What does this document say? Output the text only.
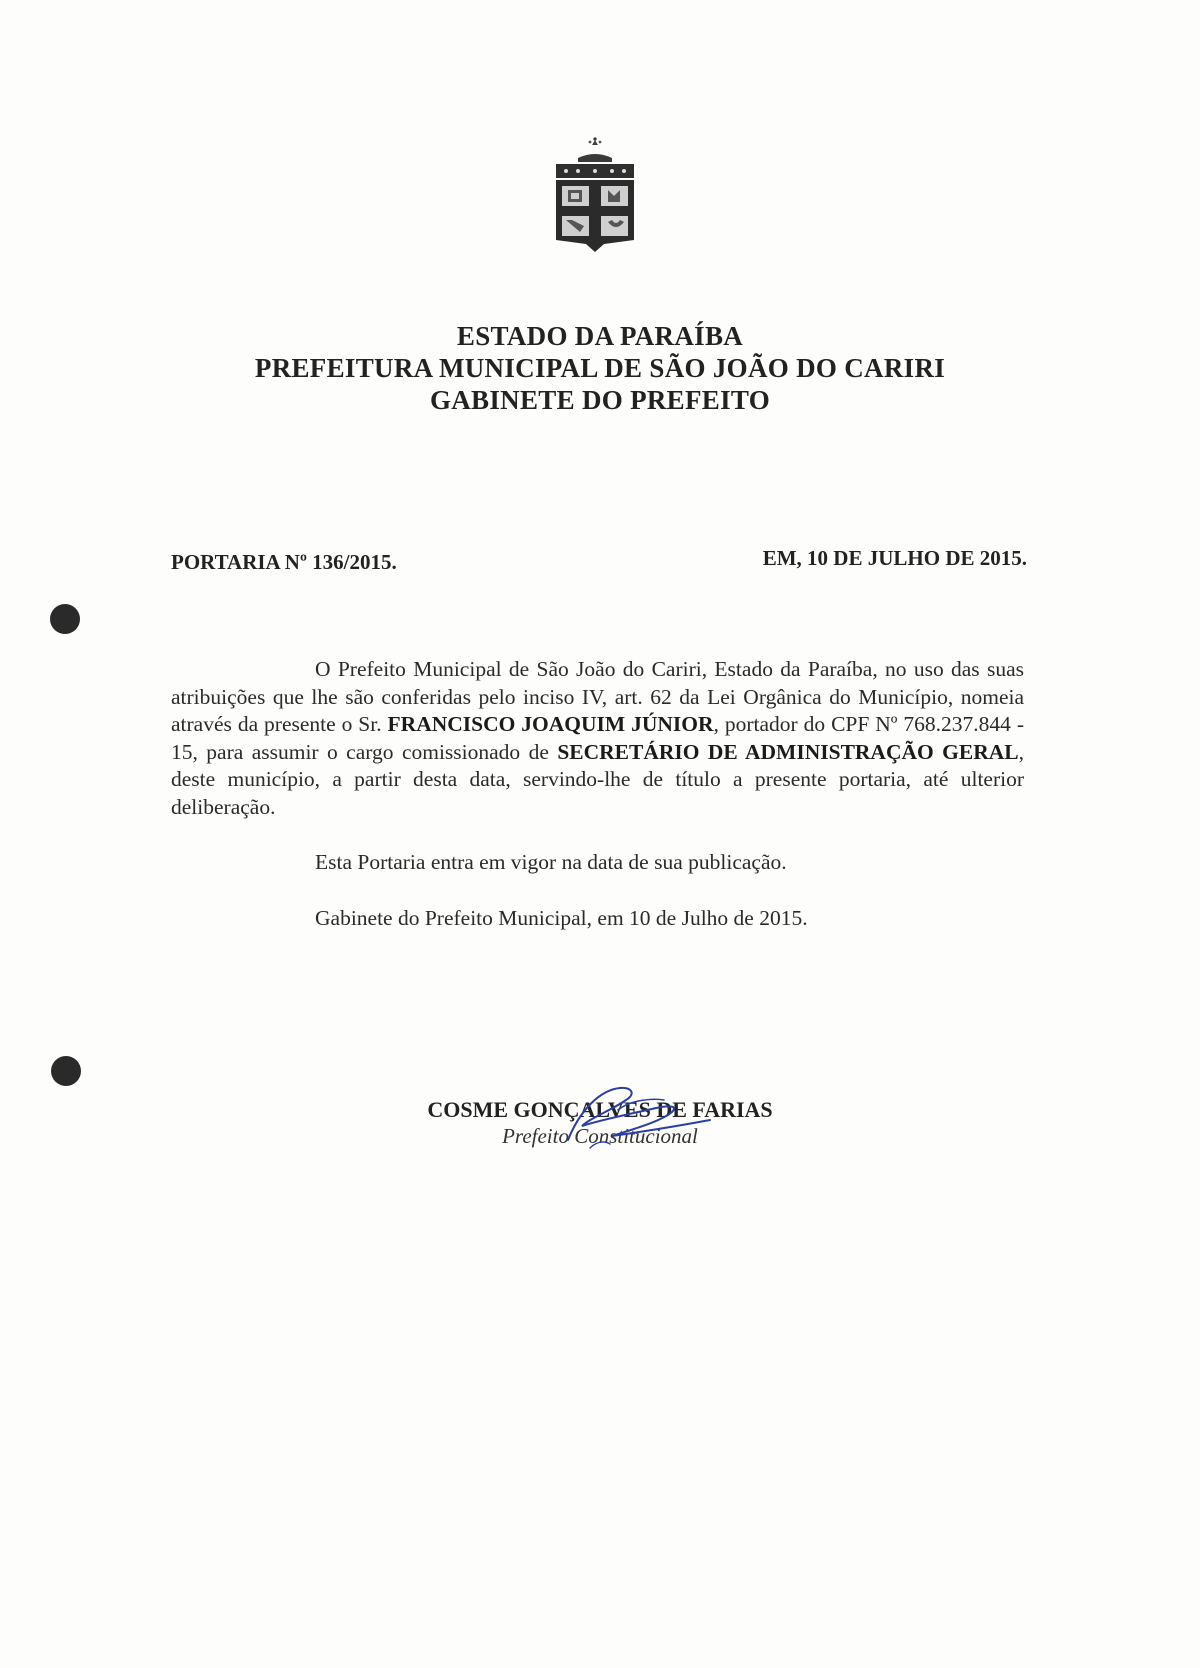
ESTADO DA PARAÍBA
PREFEITURA MUNICIPAL DE SÃO JOÃO DO CARIRI
GABINETE DO PREFEITO
PORTARIA Nº 136/2015.	EM, 10 DE JULHO DE 2015.
O Prefeito Municipal de São João do Cariri, Estado da Paraíba, no uso das suas atribuições que lhe são conferidas pelo inciso IV, art. 62 da Lei Orgânica do Município, nomeia através da presente o Sr. FRANCISCO JOAQUIM JÚNIOR, portador do CPF Nº 768.237.844 - 15, para assumir o cargo comissionado de SECRETÁRIO DE ADMINISTRAÇÃO GERAL, deste município, a partir desta data, servindo-lhe de título a presente portaria, até ulterior deliberação.
Esta Portaria entra em vigor na data de sua publicação.
Gabinete do Prefeito Municipal, em 10 de Julho de 2015.
COSME GONÇALVES DE FARIAS
Prefeito Constitucional
